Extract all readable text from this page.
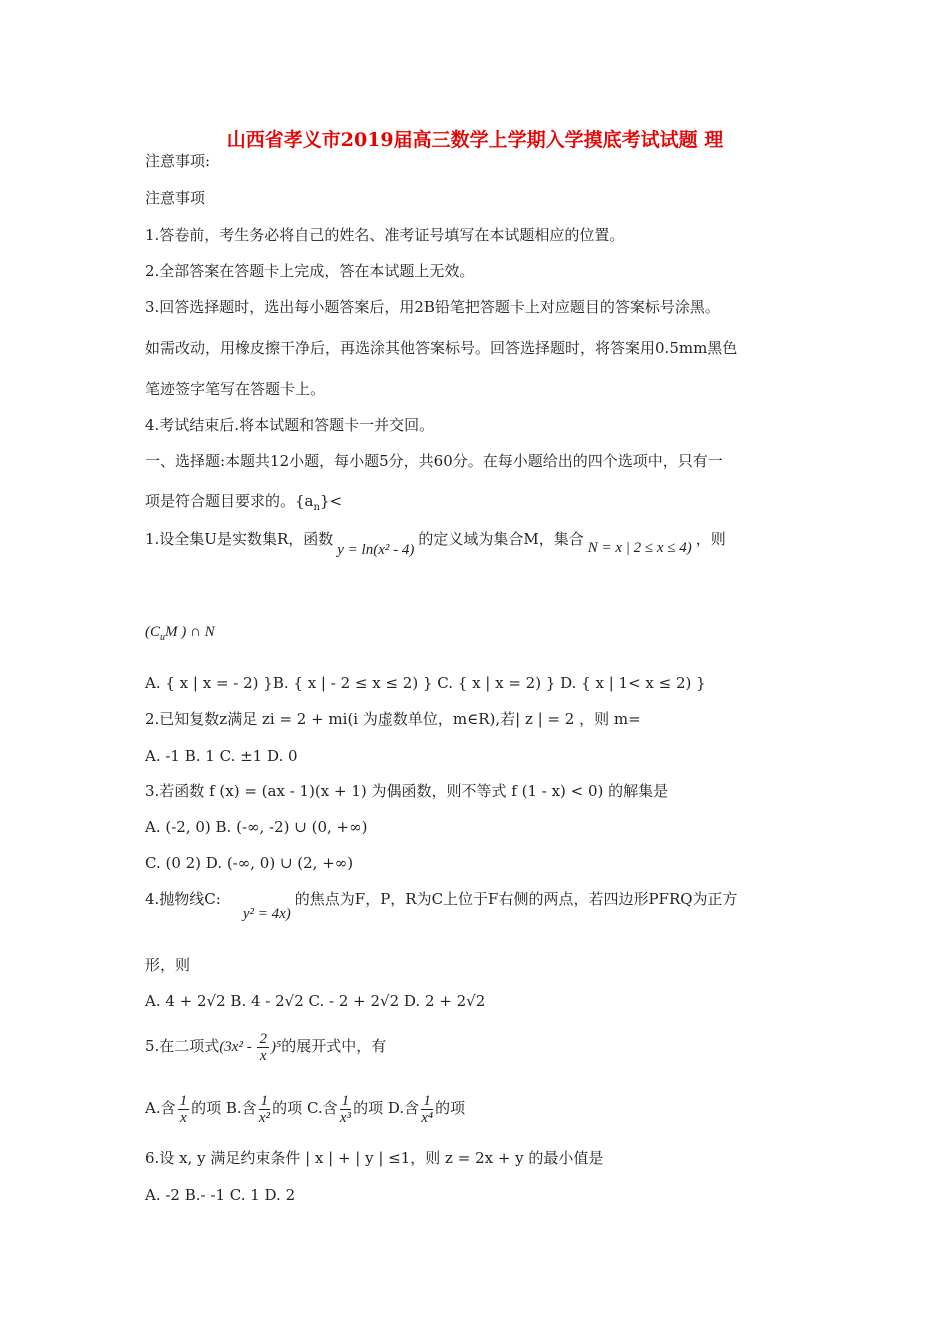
山西省孝义市2019届高三数学上学期入学摸底考试试题 理
注意事项:
注意事项
1.答卷前，考生务必将自己的姓名、准考证号填写在本试题相应的位置。
2.全部答案在答题卡上完成，答在本试题上无效。
3.回答选择题时，选出每小题答案后，用2B铅笔把答题卡上对应题目的答案标号涂黑。
如需改动，用橡皮擦干净后，再选涂其他答案标号。回答选择题时，将答案用0.5mm黑色
笔迹签字笔写在答题卡上。
4.考试结束后.将本试题和答题卡一并交回。
一、选择题:本题共12小题，每小题5分，共60分。在每小题给出的四个选项中，只有一
项是符合题目要求的。$\{a_n\}<$
1.设全集U是实数集R，函数y = ln(x² - 4)的定义域为集合M，集合 N = x | 2 ≤ x ≤ 4) ，则
($C_uM$ ) ∩ N
A. { x | x = - 2) }B. { x | - 2 ≤ x ≤ 2) } C. { x | x = 2) } D. { x | 1< x ≤ 2) }
2.已知复数z满足 zi = 2 + mi(i 为虚数单位，m∈R),若| z | = 2 ，则 m=
A. -1 B. 1 C. ±1 D. 0
3.若函数 f (x) = (ax - 1)(x + 1) 为偶函数，则不等式 f (1 - x) < 0) 的解集是
A. (-2, 0) B. (-∞, -2) ∪ (0, +∞)
C. (0 2) D. (-∞, 0) ∪ (2, +∞)
4.抛物线C:y² = 4x)的焦点为F，P，R为C上位于F右侧的两点，若四边形PFRQ为正方
形，则
A. 4 + 2√2 B. 4 - 2√2 C. - 2 + 2√2 D. 2 + 2√2
5.在二项式$(3x^2 - \frac{2}{x} )^5$的展开式中，有
A.含 $\frac{1}{x}$ 的项 B.含 $\frac{1}{\text{x²}}$ 的项 C.含 $\frac{1}{\text{x³}}$ 的项 D.含 $\frac{1}{\text{x⁴}}$ 的项
6.设 x, y 满足约束条件 | x | + | y | ≤1，则 z = 2x + y 的最小值是
A. -2 B.- -1 C. 1 D. 2
